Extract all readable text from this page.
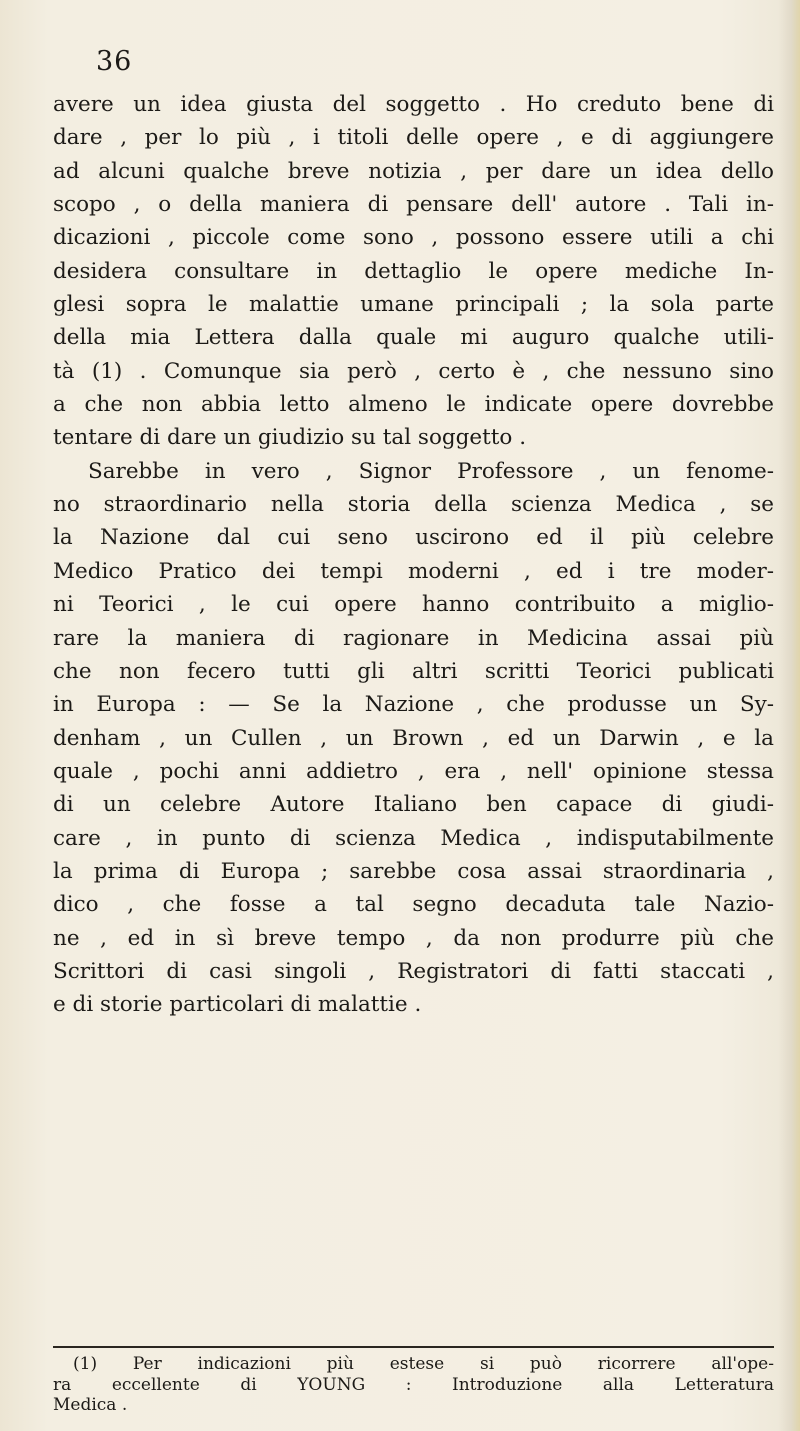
36
avere un idea giusta del soggetto . Ho creduto bene di
dare , per lo più , i titoli delle opere , e di aggiungere
ad alcuni qualche breve notizia , per dare un idea dello
scopo , o della maniera di pensare dell' autore . Tali in-
dicazioni , piccole come sono , possono essere utili a chi
desidera consultare in dettaglio le opere mediche In-
glesi sopra le malattie umane principali ; la sola parte
della mia Lettera dalla quale mi auguro qualche utili-
tà (1) . Comunque sia però , certo è , che nessuno sino
a che non abbia letto almeno le indicate opere dovrebbe
tentare di dare un giudizio su tal soggetto .
Sarebbe in vero , Signor Professore , un fenome-
no straordinario nella storia della scienza Medica , se
la Nazione dal cui seno uscirono ed il più celebre
Medico Pratico dei tempi moderni , ed i tre moder-
ni Teorici , le cui opere hanno contribuito a miglio-
rare la maniera di ragionare in Medicina assai più
che non fecero tutti gli altri scritti Teorici publicati
in Europa : — Se la Nazione , che produsse un Sy-
denham , un Cullen , un Brown , ed un Darwin , e la
quale , pochi anni addietro , era , nell' opinione stessa
di un celebre Autore Italiano ben capace di giudi-
care , in punto di scienza Medica , indisputabilmente
la prima di Europa ; sarebbe cosa assai straordinaria ,
dico , che fosse a tal segno decaduta tale Nazio-
ne , ed in sì breve tempo , da non produrre più che
Scrittori di casi singoli , Registratori di fatti staccati ,
e di storie particolari di malattie .
(1) Per indicazioni più estese si può ricorrere all'ope-
ra eccellente di YOUNG : Introduzione alla Letteratura
Medica .
